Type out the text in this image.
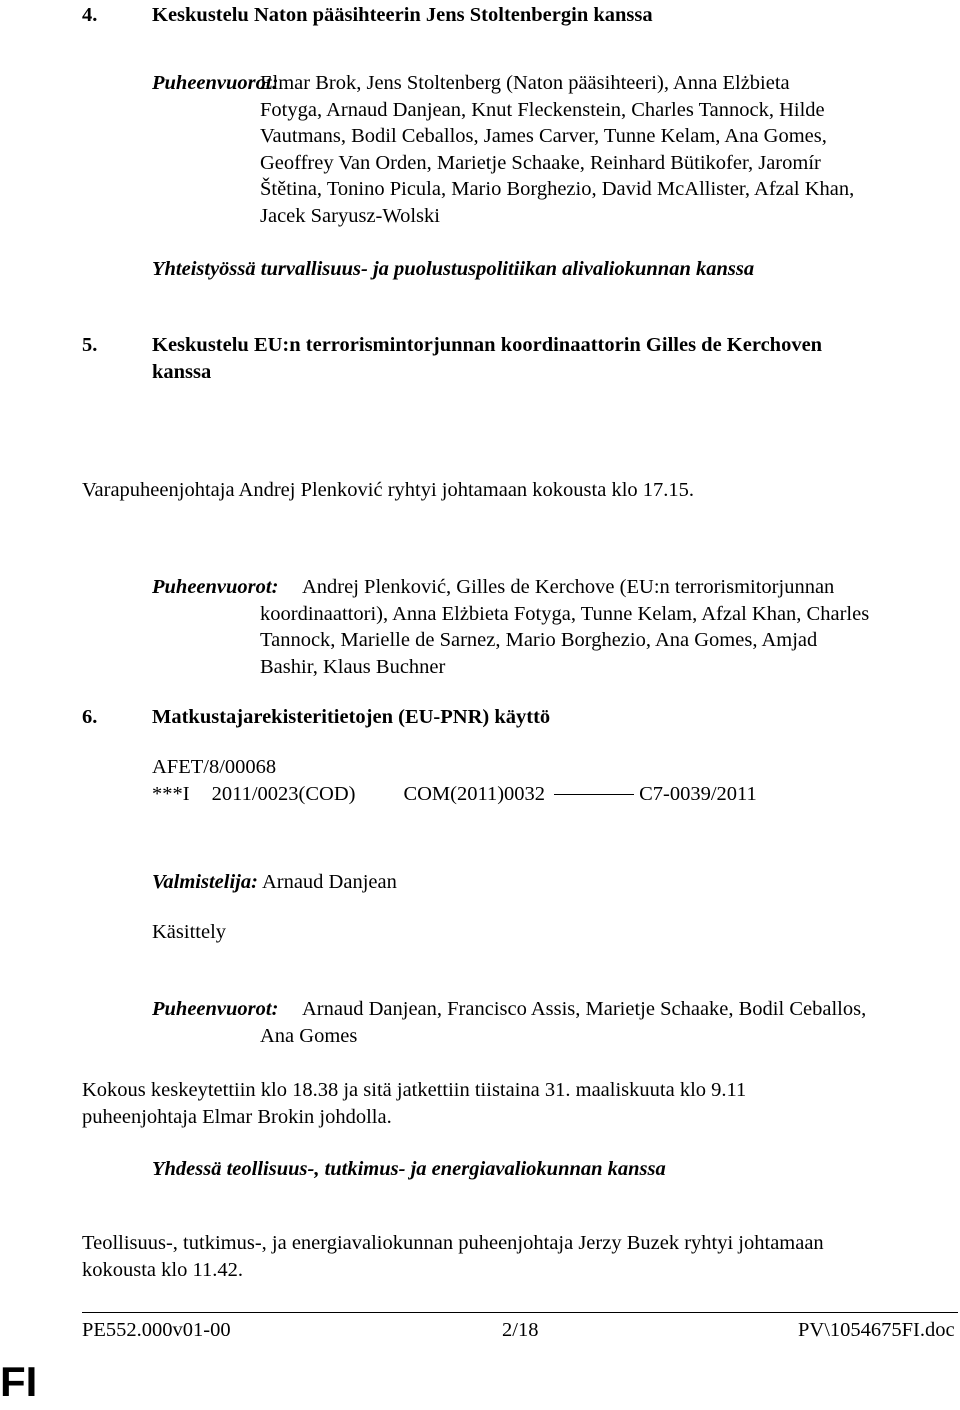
4.	Keskustelu Naton pääsihteerin Jens Stoltenbergin kanssa
Puheenvuorot:
Elmar Brok, Jens Stoltenberg (Naton pääsihteeri), Anna Elżbieta
Fotyga, Arnaud Danjean, Knut Fleckenstein, Charles Tannock, Hilde
Vautmans, Bodil Ceballos, James Carver, Tunne Kelam, Ana Gomes,
Geoffrey Van Orden, Marietje Schaake, Reinhard Bütikofer, Jaromír
Štětina, Tonino Picula, Mario Borghezio, David McAllister, Afzal Khan,
Jacek Saryusz-Wolski
Yhteistyössä turvallisuus- ja puolustuspolitiikan alivaliokunnan kanssa
5.	Keskustelu EU:n terrorismintorjunnan koordinaattorin Gilles de Kerchoven
kanssa
Varapuheenjohtaja Andrej Plenković ryhtyi johtamaan kokousta klo 17.15.
Puheenvuorot: Andrej Plenković, Gilles de Kerchove (EU:n terrorismitorjunnan
koordinaattori), Anna Elżbieta Fotyga, Tunne Kelam, Afzal Khan, Charles
Tannock, Marielle de Sarnez, Mario Borghezio, Ana Gomes, Amjad
Bashir, Klaus Buchner
6.	Matkustajarekisteritietojen (EU-PNR) käyttö
AFET/8/00068
***I 2011/0023(COD) COM(2011)0032	C7-0039/2011
Valmistelija: Arnaud Danjean
Käsittely
Puheenvuorot: Arnaud Danjean, Francisco Assis, Marietje Schaake, Bodil Ceballos,
Ana Gomes
Kokous keskeytettiin klo 18.38 ja sitä jatkettiin tiistaina 31. maaliskuuta klo 9.11
puheenjohtaja Elmar Brokin johdolla.
Yhdessä teollisuus-, tutkimus- ja energiavaliokunnan kanssa
Teollisuus-, tutkimus-, ja energiavaliokunnan puheenjohtaja Jerzy Buzek ryhtyi johtamaan
kokousta klo 11.42.
PE552.000v01-00	2/18	PV\1054675FI.doc
FI
